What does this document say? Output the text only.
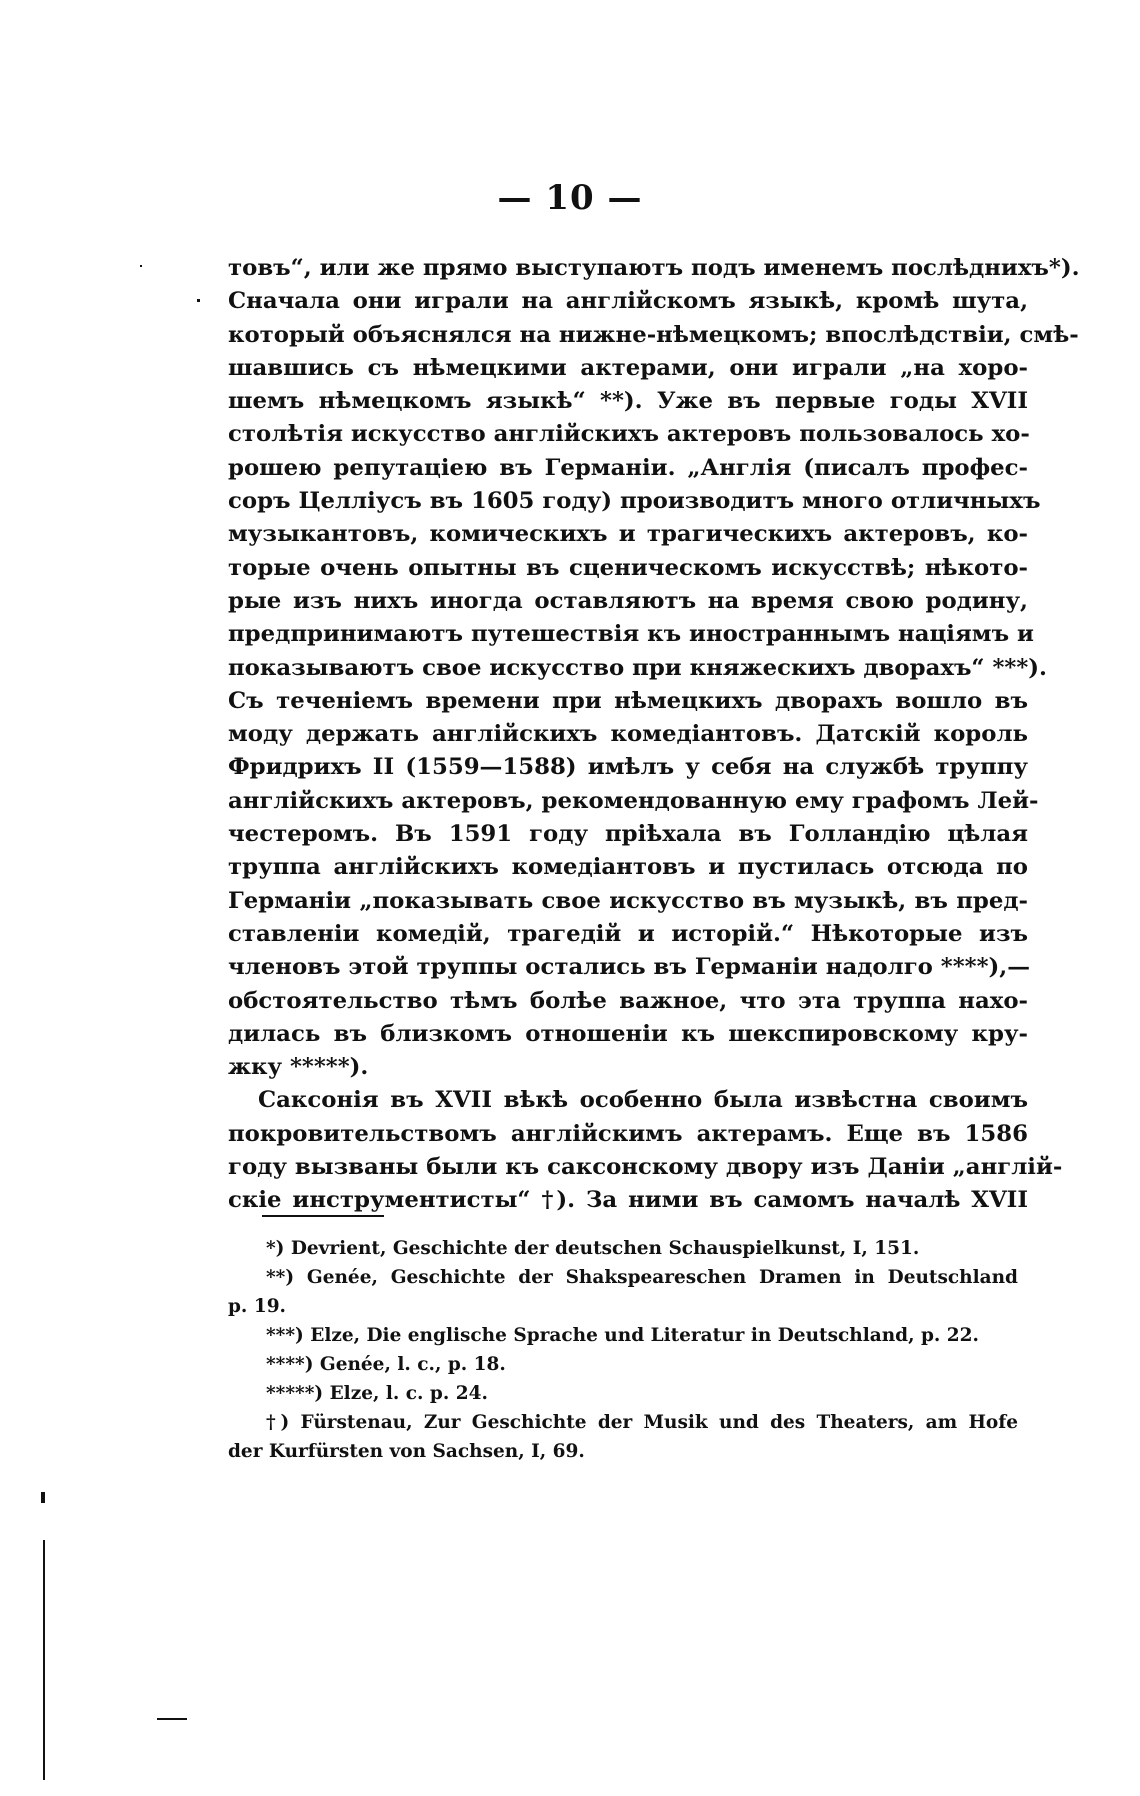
— 10 —
товъ“, или же прямо выступаютъ подъ именемъ послѣднихъ*).
Сначала они играли на англійскомъ языкѣ, кромѣ шута,
который объяснялся на нижне-нѣмецкомъ; впослѣдствіи, смѣ-
шавшись съ нѣмецкими актерами, они играли „на хоро-
шемъ нѣмецкомъ языкѣ“ **). Уже въ первые годы XVII
столѣтія искусство англійскихъ актеровъ пользовалось хо-
рошею репутаціею въ Германіи. „Англія (писалъ профес-
соръ Целліусъ въ 1605 году) производитъ много отличныхъ
музыкантовъ, комическихъ и трагическихъ актеровъ, ко-
торые очень опытны въ сценическомъ искусствѣ; нѣкото-
рые изъ нихъ иногда оставляютъ на время свою родину,
предпринимаютъ путешествія къ иностраннымъ націямъ и
показываютъ свое искусство при княжескихъ дворахъ“ ***).
Съ теченіемъ времени при нѣмецкихъ дворахъ вошло въ
моду держать англійскихъ комедіантовъ. Датскій король
Фридрихъ II (1559—1588) имѣлъ у себя на службѣ труппу
англійскихъ актеровъ, рекомендованную ему графомъ Лей-
честеромъ. Въ 1591 году пріѣхала въ Голландію цѣлая
труппа англійскихъ комедіантовъ и пустилась отсюда по
Германіи „показывать свое искусство въ музыкѣ, въ пред-
ставленіи комедій, трагедій и исторій.“ Нѣкоторые изъ
членовъ этой труппы остались въ Германіи надолго ****),—
обстоятельство тѣмъ болѣе важное, что эта труппа нахо-
дилась въ близкомъ отношеніи къ шекспировскому кру-
жку *****).
Саксонія въ XVII вѣкѣ особенно была извѣстна своимъ
покровительствомъ англійскимъ актерамъ. Еще въ 1586
году вызваны были къ саксонскому двору изъ Даніи „англій-
скіе инструментисты“ †). За ними въ самомъ началѣ XVII
*) Devrient, Geschichte der deutschen Schauspielkunst, I, 151.
**) Genée, Geschichte der Shakspeareschen Dramen in Deutschland
p. 19.
***) Elze, Die englische Sprache und Literatur in Deutschland, p. 22.
****) Genée, l. c., p. 18.
*****) Elze, l. c. p. 24.
†) Fürstenau, Zur Geschichte der Musik und des Theaters, am Hofe
der Kurfürsten von Sachsen, I, 69.
